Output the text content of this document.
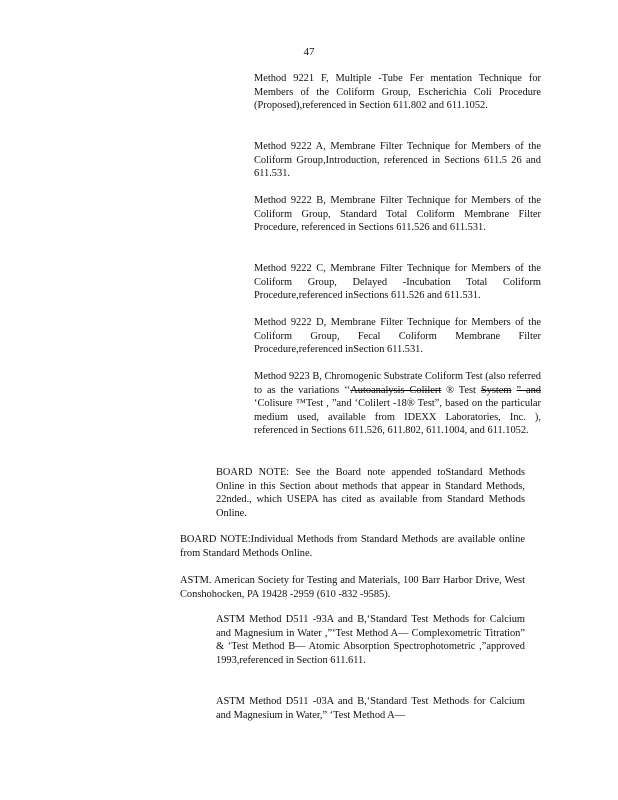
47
Method 9221 F, Multiple -Tube Fer mentation Technique for Members of the Coliform Group, Escherichia Coli Procedure (Proposed),referenced in Section 611.802 and 611.1052.
Method 9222 A, Membrane Filter Technique for Members of the Coliform Group,Introduction, referenced in Sections 611.5 26 and 611.531.
Method 9222 B, Membrane Filter Technique for Members of the Coliform Group, Standard Total Coliform Membrane Filter Procedure, referenced in Sections 611.526 and 611.531.
Method 9222 C, Membrane Filter Technique for Members of the Coliform Group, Delayed -Incubation Total Coliform Procedure,referenced inSections 611.526 and 611.531.
Method 9222 D, Membrane Filter Technique for Members of the Coliform Group, Fecal Coliform Membrane Filter Procedure,referenced inSection 611.531.
Method 9223 B, Chromogenic Substrate Coliform Test (also referred to as the variations ‘‘Autoanalysis Colilert ® Test System ” and ‘Colisure ™Test , ”and ‘Colilert -18® Test”, based on the particular medium used, available from IDEXX Laboratories, Inc. ), referenced in Sections 611.526, 611.802, 611.1004, and 611.1052.
BOARD NOTE: See the Board note appended toStandard Methods Online in this Section about methods that appear in Standard Methods, 22nded., which USEPA has cited as available from Standard Methods Online.
BOARD NOTE:Individual Methods from Standard Methods are available online from Standard Methods Online.
ASTM. American Society for Testing and Materials, 100 Barr Harbor Drive, West Conshohocken, PA 19428 -2959 (610 -832 -9585).
ASTM Method D511 -93A and B,‘Standard Test Methods for Calcium and Magnesium in Water ,”‘Test Method A— Complexometric Titration” & ‘Test Method B— Atomic Absorption Spectrophotometric ,”approved 1993,referenced in Section 611.611.
ASTM Method D511 -03A and B,‘Standard Test Methods for Calcium and Magnesium in Water,” ‘Test Method A—
